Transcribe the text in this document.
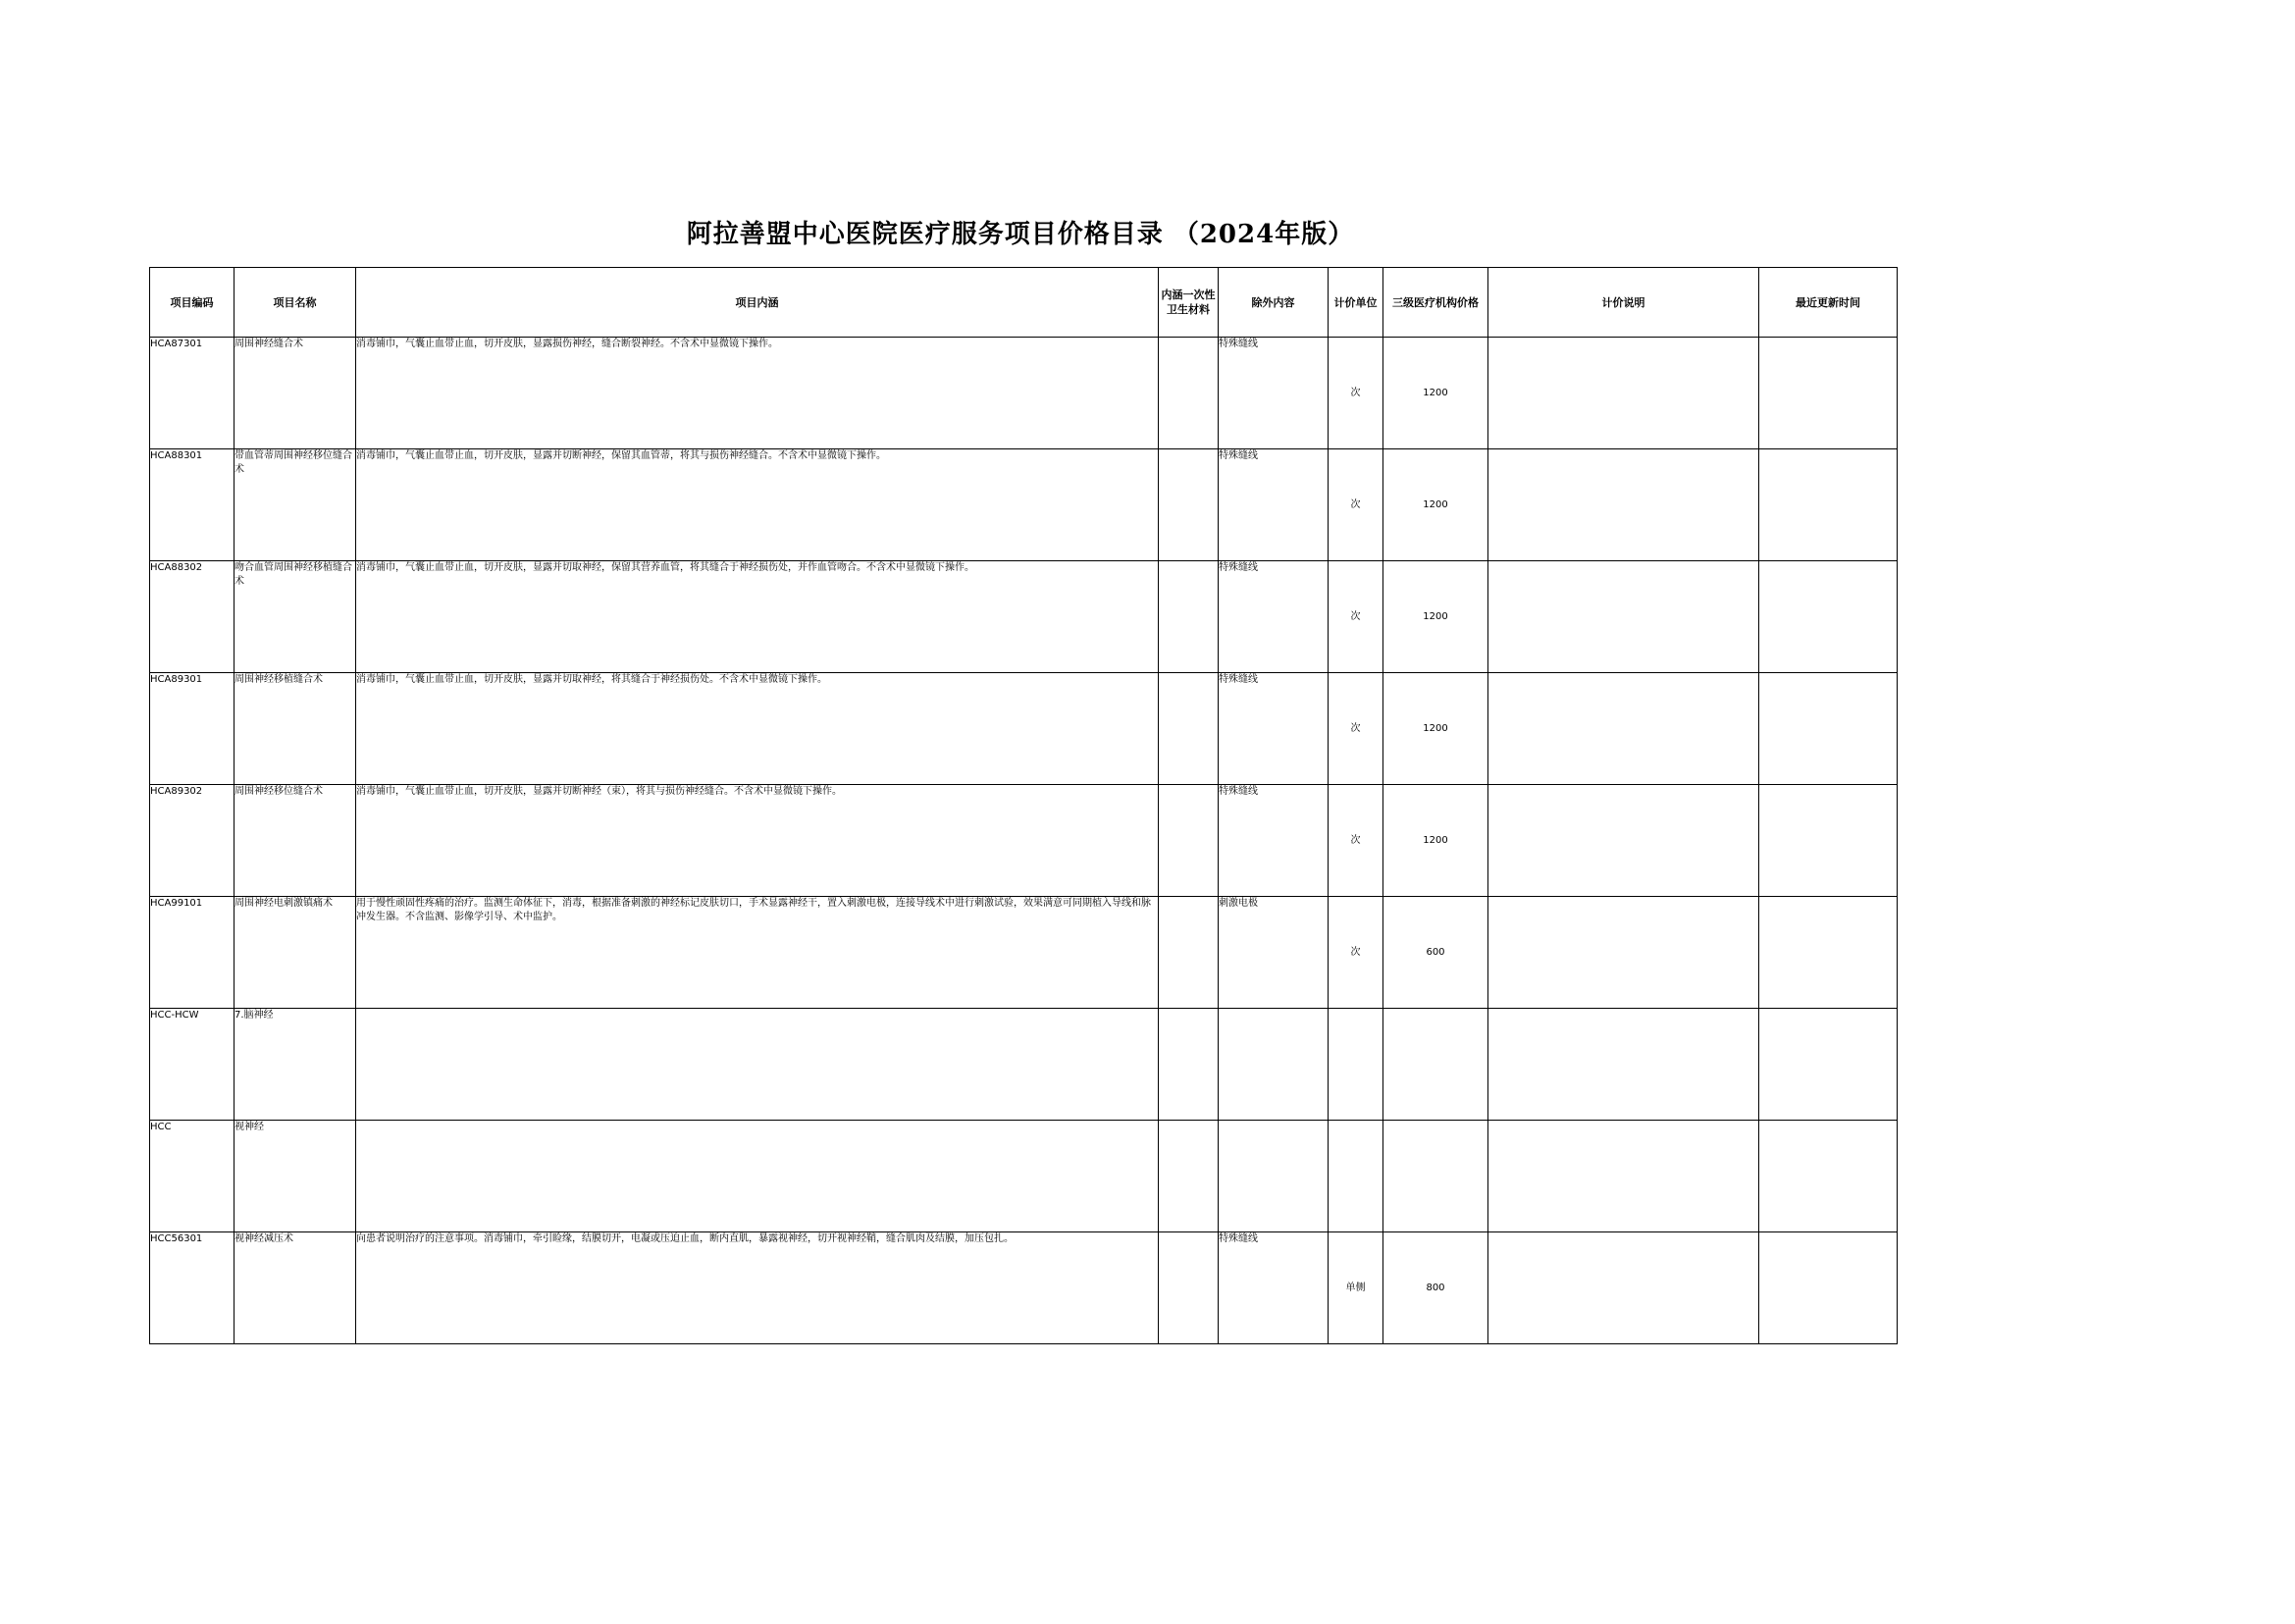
阿拉善盟中心医院医疗服务项目价格目录 （2024年版）
项目编码	项目名称	项目内涵	内涵一次性卫生材料	除外内容	计价单位	三级医疗机构价格	计价说明	最近更新时间
HCA87301	周围神经缝合术	消毒铺巾，气囊止血带止血，切开皮肤，显露损伤神经，缝合断裂神经。不含术中显微镜下操作。		特殊缝线	次	1200		
HCA88301	带血管蒂周围神经移位缝合术	消毒铺巾，气囊止血带止血，切开皮肤，显露并切断神经，保留其血管蒂，将其与损伤神经缝合。不含术中显微镜下操作。		特殊缝线	次	1200		
HCA88302	吻合血管周围神经移植缝合术	消毒铺巾，气囊止血带止血，切开皮肤，显露并切取神经，保留其营养血管，将其缝合于神经损伤处，并作血管吻合。不含术中显微镜下操作。		特殊缝线	次	1200		
HCA89301	周围神经移植缝合术	消毒铺巾，气囊止血带止血，切开皮肤，显露并切取神经，将其缝合于神经损伤处。不含术中显微镜下操作。		特殊缝线	次	1200		
HCA89302	周围神经移位缝合术	消毒铺巾，气囊止血带止血，切开皮肤，显露并切断神经（束），将其与损伤神经缝合。不含术中显微镜下操作。		特殊缝线	次	1200		
HCA99101	周围神经电刺激镇痛术	用于慢性顽固性疼痛的治疗。监测生命体征下，消毒，根据准备刺激的神经标记皮肤切口，手术显露神经干，置入刺激电极，连接导线术中进行刺激试验，效果满意可同期植入导线和脉冲发生器。不含监测、影像学引导、术中监护。		刺激电极	次	600		
HCC-HCW	7.脑神经							
HCC	视神经							
HCC56301	视神经减压术	向患者说明治疗的注意事项。消毒铺巾，牵引睑缘，结膜切开，电凝或压迫止血，断内直肌，暴露视神经，切开视神经鞘，缝合肌肉及结膜，加压包扎。		特殊缝线	单侧	800		
